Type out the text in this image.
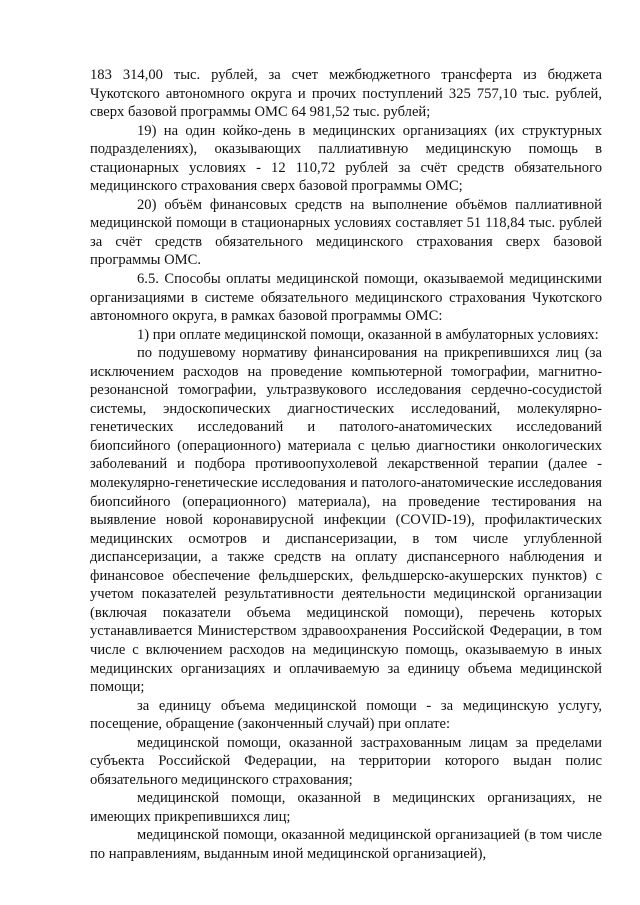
183 314,00 тыс. рублей, за счет межбюджетного трансферта из бюджета Чукотского автономного округа и прочих поступлений 325 757,10 тыс. рублей, сверх базовой программы ОМС 64 981,52 тыс. рублей;

19) на один койко-день в медицинских организациях (их структурных подразделениях), оказывающих паллиативную медицинскую помощь в стационарных условиях - 12 110,72 рублей за счёт средств обязательного медицинского страхования сверх базовой программы ОМС;

20) объём финансовых средств на выполнение объёмов паллиативной медицинской помощи в стационарных условиях составляет 51 118,84 тыс. рублей за счёт средств обязательного медицинского страхования сверх базовой программы ОМС.

6.5. Способы оплаты медицинской помощи, оказываемой медицинскими организациями в системе обязательного медицинского страхования Чукотского автономного округа, в рамках базовой программы ОМС:

1) при оплате медицинской помощи, оказанной в амбулаторных условиях:

по подушевому нормативу финансирования на прикрепившихся лиц (за исключением расходов на проведение компьютерной томографии, магнитно-резонансной томографии, ультразвукового исследования сердечно-сосудистой системы, эндоскопических диагностических исследований, молекулярно-генетических исследований и патолого-анатомических исследований биопсийного (операционного) материала с целью диагностики онкологических заболеваний и подбора противоопухолевой лекарственной терапии (далее - молекулярно-генетические исследования и патолого-анатомические исследования биопсийного (операционного) материала), на проведение тестирования на выявление новой коронавирусной инфекции (COVID-19), профилактических медицинских осмотров и диспансеризации, в том числе углубленной диспансеризации, а также средств на оплату диспансерного наблюдения и финансовое обеспечение фельдшерских, фельдшерско-акушерских пунктов) с учетом показателей результативности деятельности медицинской организации (включая показатели объема медицинской помощи), перечень которых устанавливается Министерством здравоохранения Российской Федерации, в том числе с включением расходов на медицинскую помощь, оказываемую в иных медицинских организациях и оплачиваемую за единицу объема медицинской помощи;

за единицу объема медицинской помощи - за медицинскую услугу, посещение, обращение (законченный случай) при оплате:

медицинской помощи, оказанной застрахованным лицам за пределами субъекта Российской Федерации, на территории которого выдан полис обязательного медицинского страхования;

медицинской помощи, оказанной в медицинских организациях, не имеющих прикрепившихся лиц;

медицинской помощи, оказанной медицинской организацией (в том числе по направлениям, выданным иной медицинской организацией),
